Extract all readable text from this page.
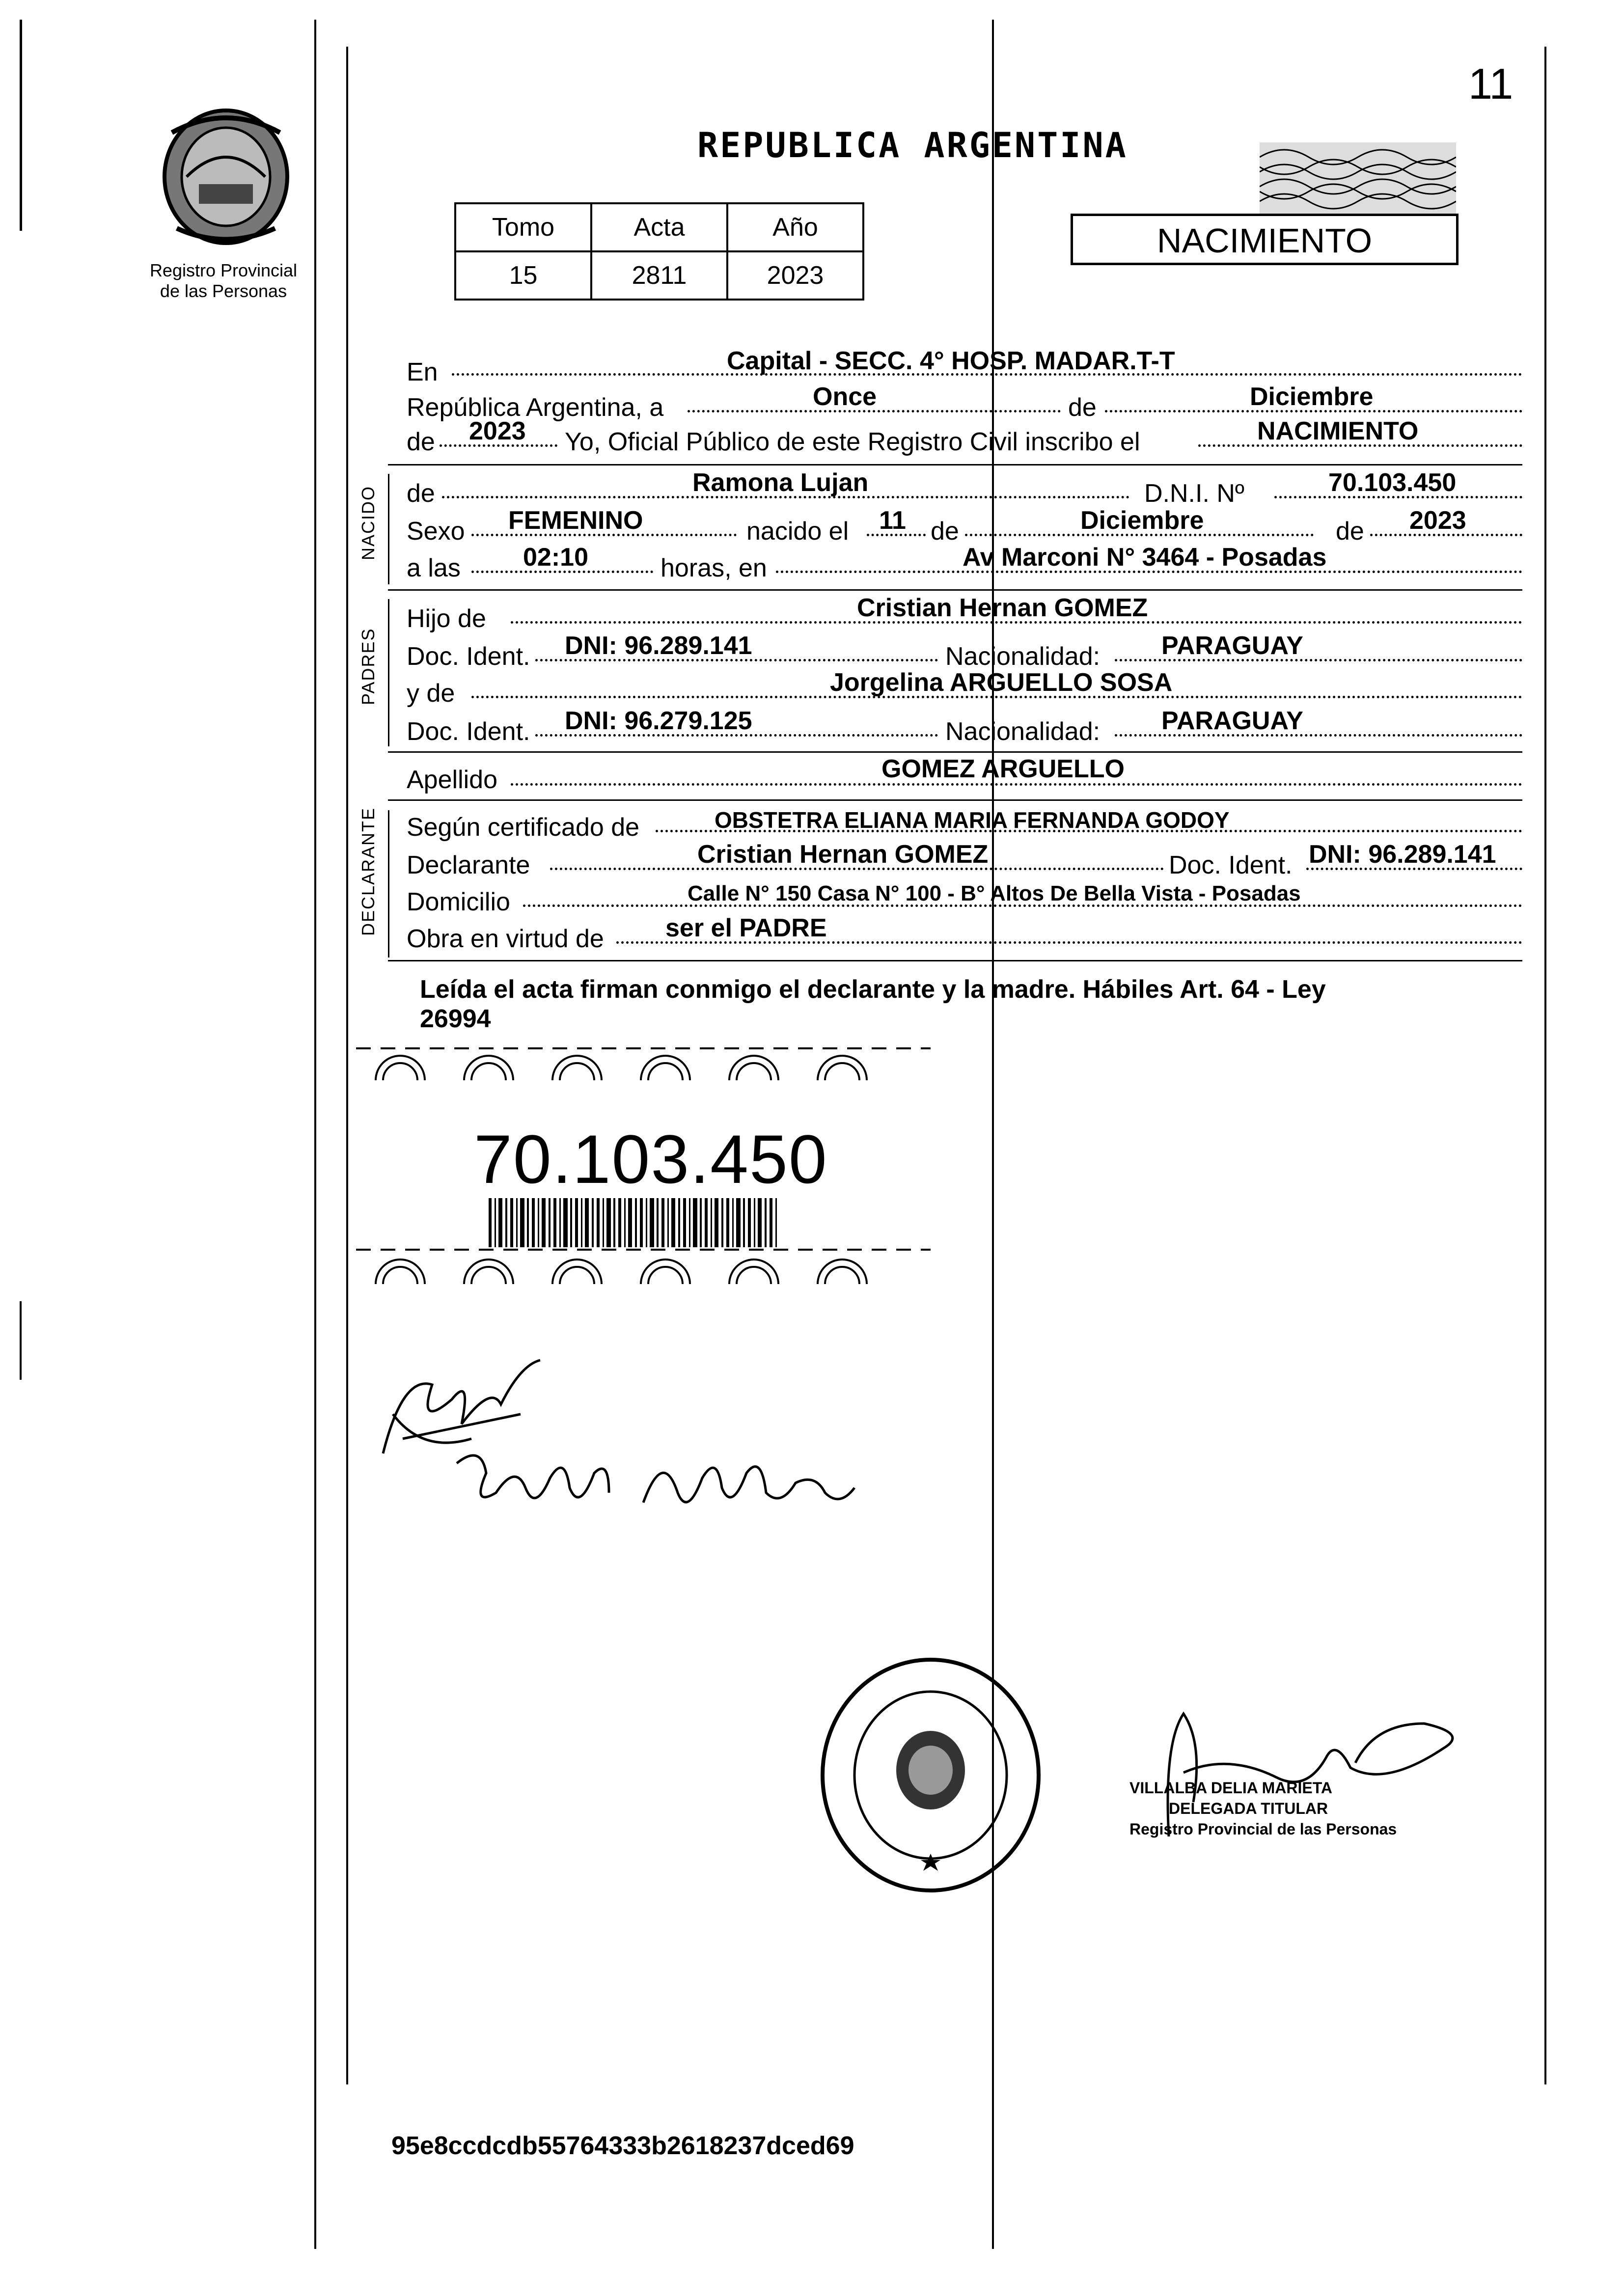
11
Registro Provincial
de las Personas
REPUBLICA ARGENTINA
NACIMIENTO
Tomo	Acta	Año
15	2811	2023
En	Capital - SECC. 4° HOSP. MADAR.T-T
República Argentina, a	Once	de	Diciembre
de 2023 Yo, Oficial Público de este Registro Civil inscribo el	NACIMIENTO
NACIDO de	Ramona Lujan	D.N.I. Nº	70.103.450
Sexo FEMENINO	nacido el 11 de	Diciembre	de 2023
a las 02:10	horas, en	Av Marconi N° 3464 - Posadas
PADRES
Hijo de	Cristian Hernan GOMEZ
Doc. Ident. DNI: 96.289.141	Nacionalidad: PARAGUAY
y de	Jorgelina ARGUELLO SOSA
Doc. Ident. DNI: 96.279.125	Nacionalidad: PARAGUAY
Apellido	GOMEZ ARGUELLO
DECLARANTE Según certificado de	OBSTETRA ELIANA MARIA FERNANDA GODOY
Declarante	Cristian Hernan GOMEZ	Doc. Ident. DNI: 96.289.141
Domicilio	Calle N° 150 Casa N° 100 - B° Altos De Bella Vista - Posadas
Obra en virtud de ser el PADRE
Leída el acta firman conmigo el declarante y la madre. Hábiles Art. 64 - Ley
26994
70.103.450
VILLALBA DELIA MARIETA
DELEGADA TITULAR
Registro Provincial de las Personas
95e8ccdcdb55764333b2618237dced69
